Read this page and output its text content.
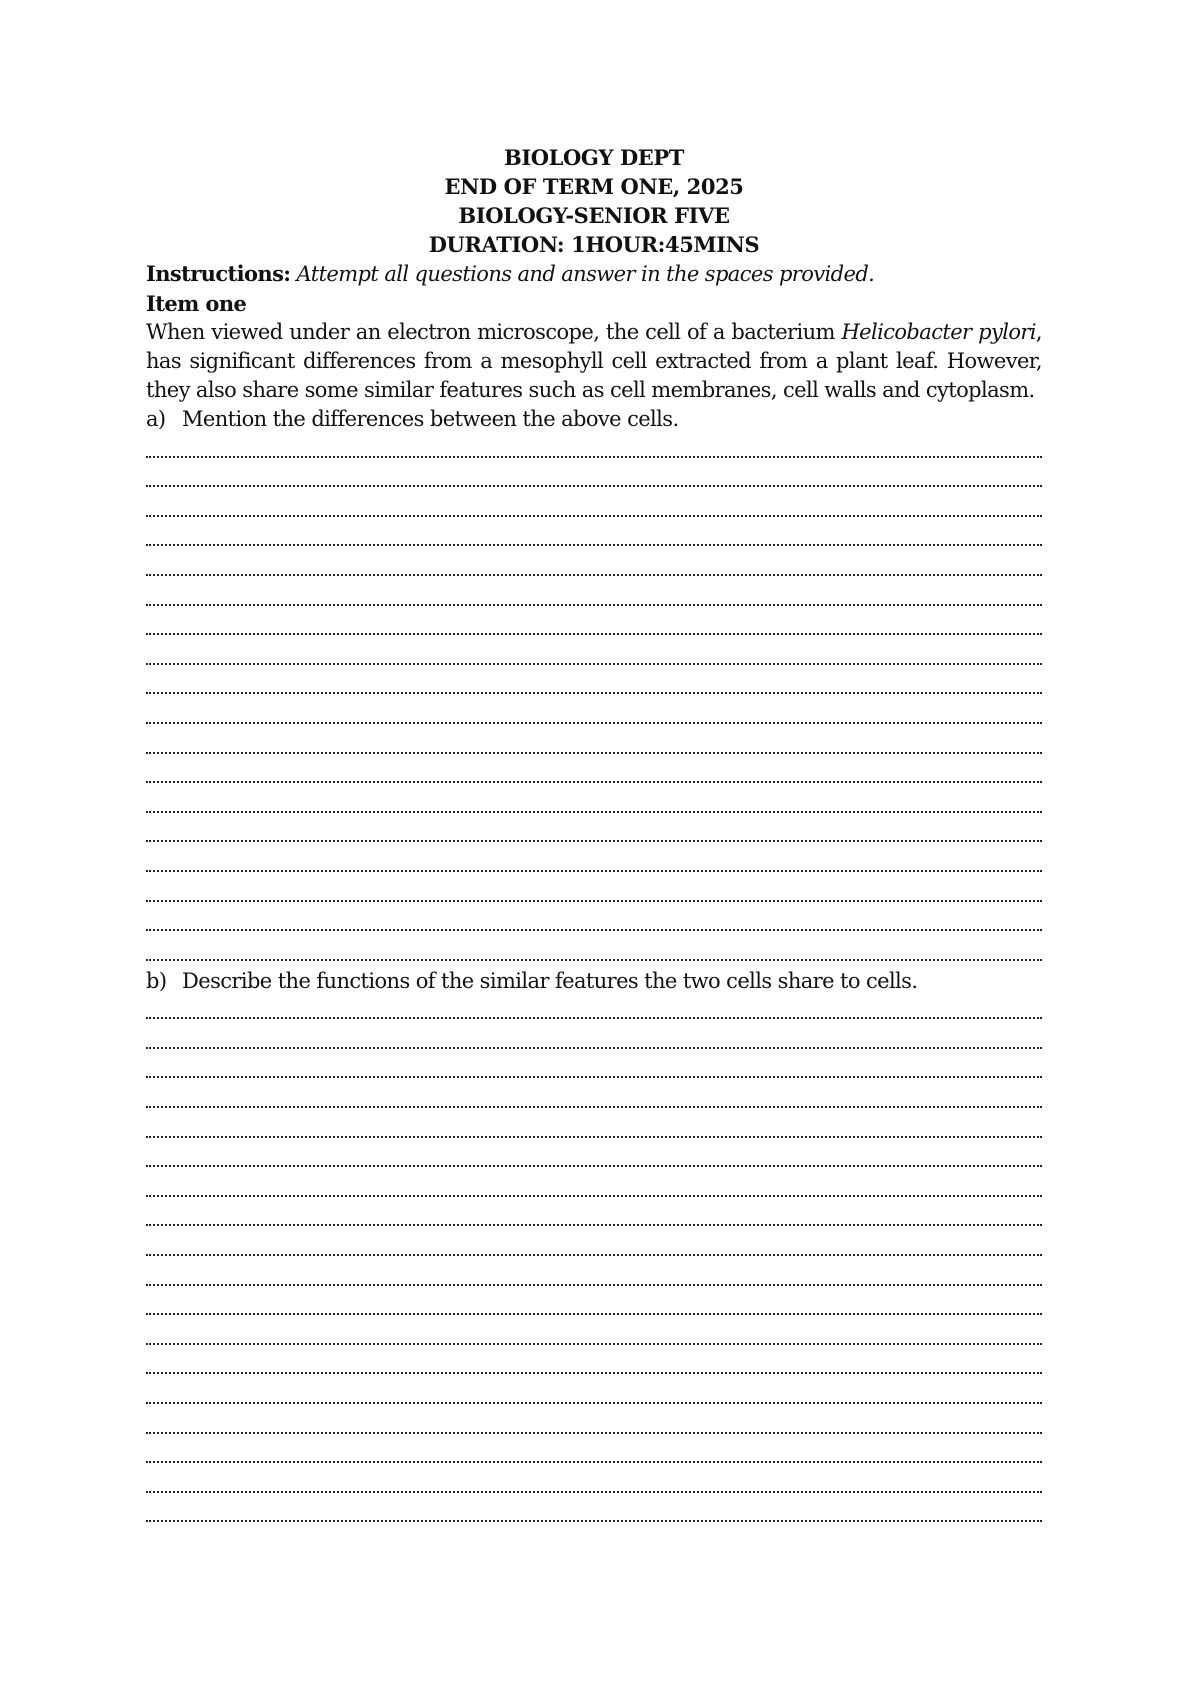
BIOLOGY DEPT
END OF TERM ONE, 2025
BIOLOGY-SENIOR FIVE
DURATION: 1HOUR:45MINS
Instructions: Attempt all questions and answer in the spaces provided.
Item one
When viewed under an electron microscope, the cell of a bacterium Helicobacter pylori, has significant differences from a mesophyll cell extracted from a plant leaf. However, they also share some similar features such as cell membranes, cell walls and cytoplasm.
a) Mention the differences between the above cells.
b) Describe the functions of the similar features the two cells share to cells.
